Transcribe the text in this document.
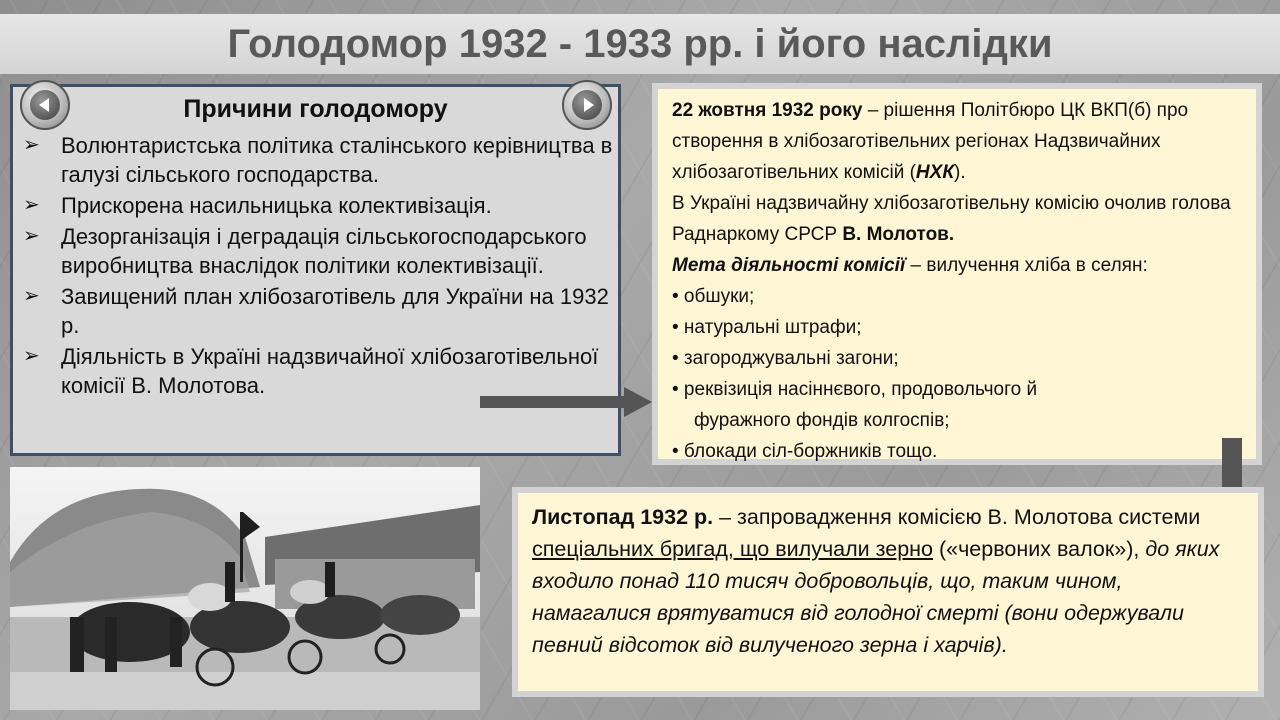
Голодомор 1932 - 1933 рр. і його наслідки
Причини голодомору
➢ Волюнтаристська політика сталінського керівництва в галузі сільського господарства.
➢ Прискорена насильницька колективізація.
➢ Дезорганізація і деградація сільськогосподарського виробництва внаслідок політики колективізації.
➢ Завищений план хлібозаготівель для України на 1932 р.
➢ Діяльність в Україні надзвичайної хлібозаготівельної комісії В. Молотова.

22 жовтня 1932 року – рішення Політбюро ЦК ВКП(б) про створення в хлібозаготівельних регіонах Надзвичайних хлібозаготівельних комісій (НХК).

В Україні надзвичайну хлібозаготівельну комісію очолив голова Раднаркому СРСР В. Молотов.

Мета діяльності комісії – вилучення хліба в селян:

• обшуки;

• натуральні штрафи;

• загороджувальні загони;

• реквізиція насіннєвого, продовольчого й

фуражного фондів колгоспів;

• блокади сіл-боржників тощо.

Листопад 1932 р. – запровадження комісією В. Молотова системи спеціальних бригад, що вилучали зерно («червоних валок»), до яких входило понад 110 тисяч добровольців, що, таким чином, намагалися врятуватися від голодної смерті (вони одержували певний відсоток від вилученого зерна і харчів).
